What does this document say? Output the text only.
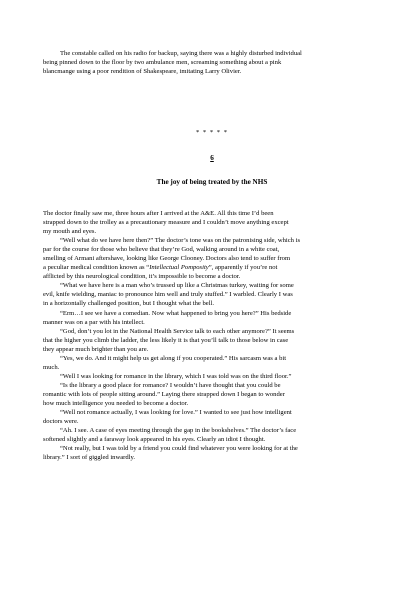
The constable called on his radio for backup, saying there was a highly disturbed individual

being pinned down to the floor by two ambulance men, screaming something about a pink

blancmange using a poor rendition of Shakespeare, imitating Larry Olivier.

* * * * *
6
The joy of being treated by the NHS

The doctor finally saw me, three hours after I arrived at the A&E. All this time I’d been

strapped down to the trolley as a precautionary measure and I couldn’t move anything except

my mouth and eyes.

“Well what do we have here then?” The doctor’s tone was on the patronising side, which is

par for the course for those who believe that they’re God, walking around in a white coat,

smelling of Armani aftershave, looking like George Clooney. Doctors also tend to suffer from

a peculiar medical condition known as “Intellectual Pomposity”, apparently if you’re not

afflicted by this neurological condition, it’s impossible to become a doctor.

“What we have here is a man who’s trussed up like a Christmas turkey, waiting for some

evil, knife wielding, maniac to pronounce him well and truly stuffed.” I warbled. Clearly I was

in a horizontally challenged position, but I thought what the bell.

“Erm…I see we have a comedian. Now what happened to bring you here?” His bedside

manner was on a par with his intellect.

“God, don’t you lot in the National Health Service talk to each other anymore?” It seems

that the higher you climb the ladder, the less likely it is that you’ll talk to those below in case

they appear much brighter than you are.

“Yes, we do. And it might help us get along if you cooperated.” His sarcasm was a bit

much.

“Well I was looking for romance in the library, which I was told was on the third floor.”

“Is the library a good place for romance? I wouldn’t have thought that you could be

romantic with lots of people sitting around.” Laying there strapped down I began to wonder

how much intelligence you needed to become a doctor.

“Well not romance actually, I was looking for love.” I wanted to see just how intelligent

doctors were.

“Ah. I see. A case of eyes meeting through the gap in the bookshelves.” The doctor’s face

softened slightly and a faraway look appeared in his eyes. Clearly an idiot I thought.

“Not really, but I was told by a friend you could find whatever you were looking for at the

library.” I sort of giggled inwardly.
